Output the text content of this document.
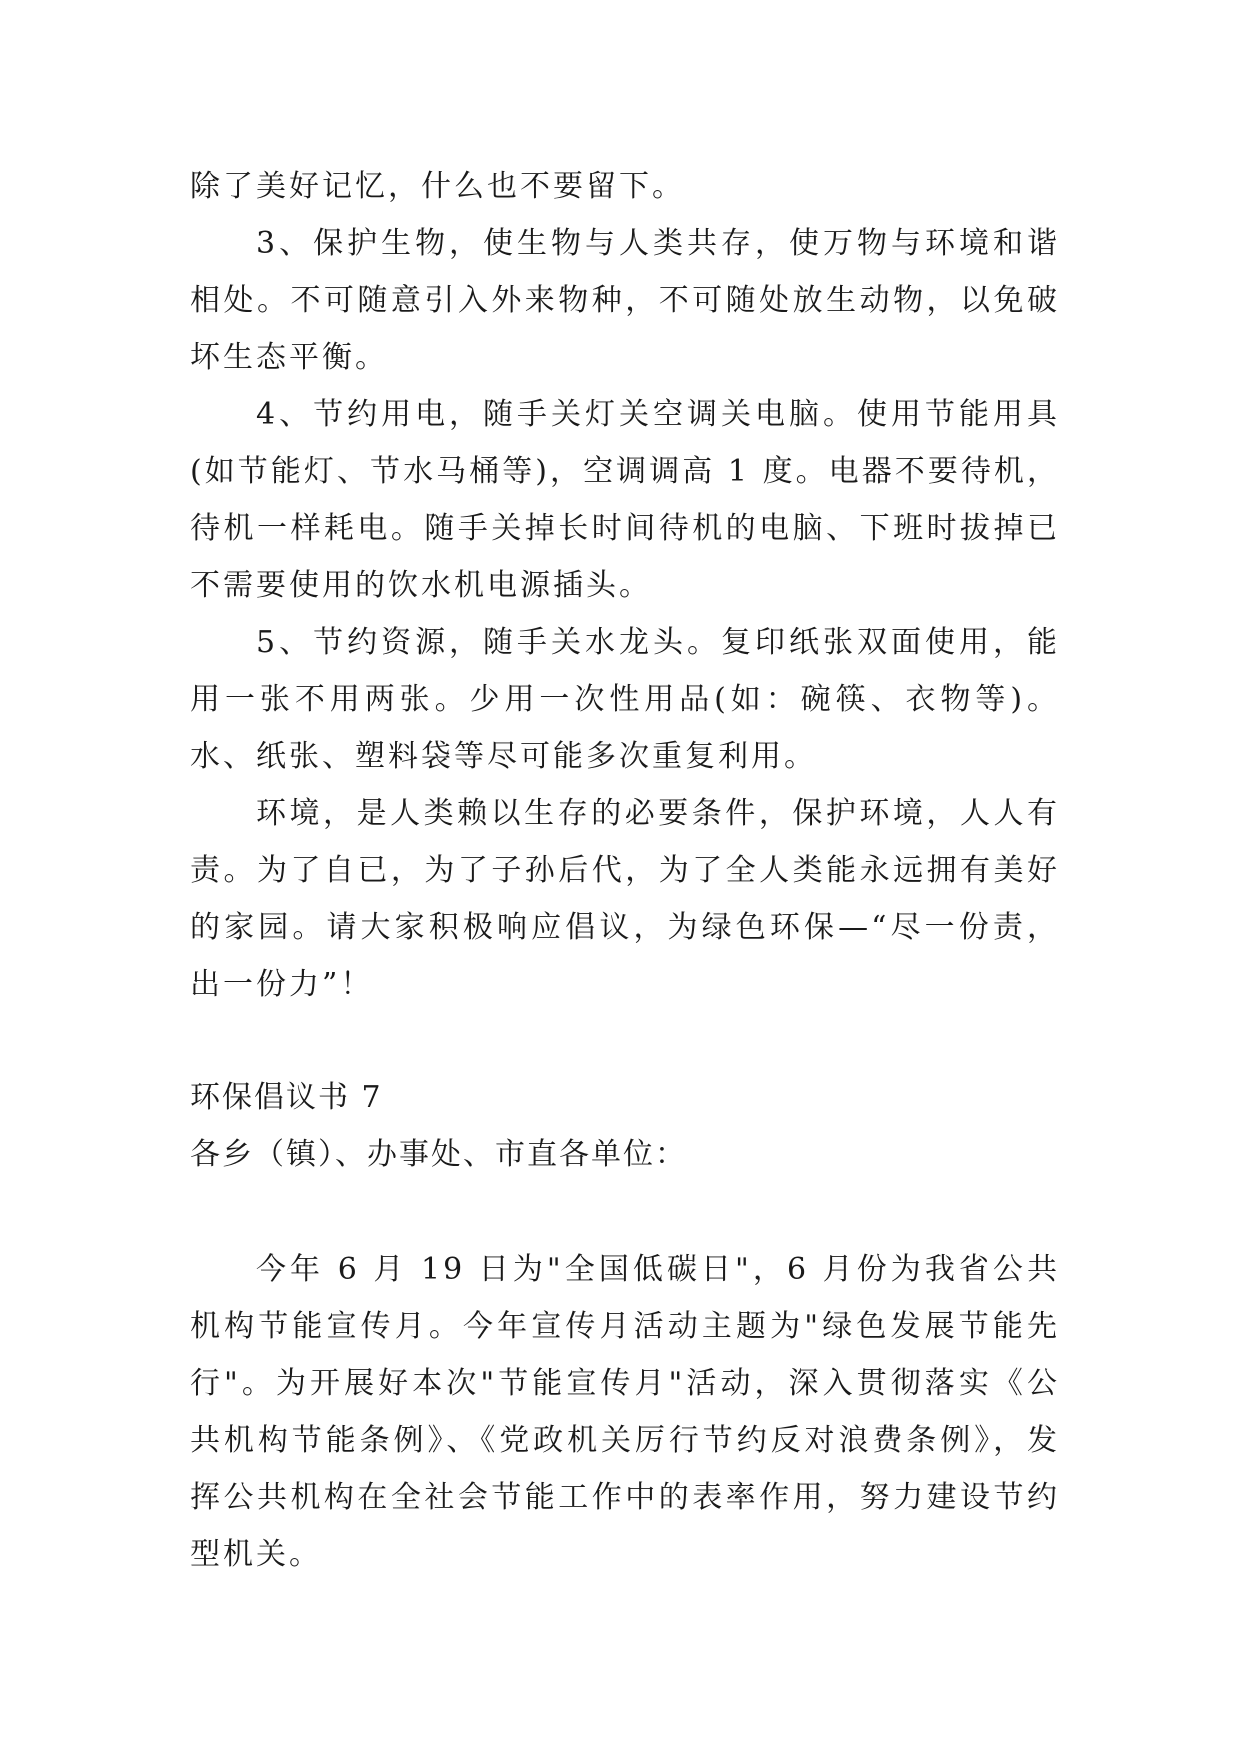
除了美好记忆，什么也不要留下。

3、保护生物，使生物与人类共存，使万物与环境和谐相处。不可随意引入外来物种，不可随处放生动物，以免破坏生态平衡。

4、节约用电，随手关灯关空调关电脑。使用节能用具(如节能灯、节水马桶等)，空调调高 1 度。电器不要待机，待机一样耗电。随手关掉长时间待机的电脑、下班时拔掉已不需要使用的饮水机电源插头。

5、节约资源，随手关水龙头。复印纸张双面使用，能用一张不用两张。少用一次性用品(如：碗筷、衣物等)。水、纸张、塑料袋等尽可能多次重复利用。

环境，是人类赖以生存的必要条件，保护环境，人人有责。为了自已，为了子孙后代，为了全人类能永远拥有美好的家园。请大家积极响应倡议，为绿色环保—“尽一份责，出一份力”！

环保倡议书 7

各乡（镇）、办事处、市直各单位：

今年 6 月 19 日为"全国低碳日"，6 月份为我省公共机构节能宣传月。今年宣传月活动主题为"绿色发展节能先行"。为开展好本次"节能宣传月"活动，深入贯彻落实《公共机构节能条例》、《党政机关厉行节约反对浪费条例》，发挥公共机构在全社会节能工作中的表率作用，努力建设节约型机关。
